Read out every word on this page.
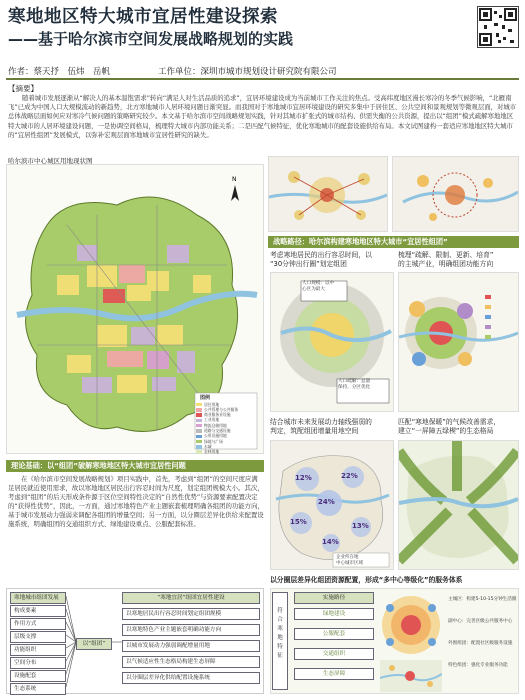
寒地地区特大城市宜居性建设探索
——基于哈尔滨市空间发展战略规划的实践
作者：蔡天抒　伍炜　岳帆	工作单位：深圳市城市规划设计研究院有限公司
【摘要】
随着城市发展逐渐从“解决人的基本温饱需求”转向“满足人对生活品质的追求”，宜居环境建设成为当前城市工作关注的焦点。受高纬度地区漫长寒冷的冬季气候影响，“北雁南飞”已成为中国人口大规模流动的新趋势，北方寒地城市人居环境问题日渐突显。而我国对于寒地城市宜居环境建设的研究多集中于居住区、公共空间和景观规划等微观层面，对城市总体战略层面如何应对寒冷气候问题的策略研究较少。本文基于哈尔滨市空间战略规划实践，针对其城市扩张式的城市结构、供需失衡的公共资源，提出以“组团”模式疏解寒地地区特大城市的人居环境建设问题，一是协调空间格局，梳理特大城市内部功能关系；二是匹配气候特征，优化寒地城市的配套设施供给布局。本文试图建构一套适应寒地地区特大城市的“宜居性组团”发展模式，以弥补宏观层面寒地城市宜居性研究的缺失。
哈尔滨市中心城区用地现状图
N
图例
居住用地
公共管理与公共服务
商业服务业设施
工业用地
物流仓储用地
道路与交通设施
公用设施用地
绿地与广场
水域
农林用地
战略路径：哈尔滨构建寒地地区特大城市“宜居性组团”
考虑寒地居民的出行容忍时间，以
“30分钟出行圈”划定组团
人口规模：以中
心区为最大
人口疏解：总量
保持，分区优化
梳理“疏解、限制、更新、培育”
的主城产业，明确组团功能方向
结合城市未来发展动力轴线强弱的
判定，筑配组团增量用地空间
12%	22%
15%
24%
13%
14%
企业所在地
中心城市区域
匹配“寒地保暖”的气候改善需求，
建立“一屏障五绿楔”的生态格局
理论基础：以“组团”破解寒地地区特大城市宜居性问题
在《哈尔滨市空间发展战略规划》项目实践中，首先，考虑到“组团”的空间尺度应满足居民就近使用需求，故以寒地地区居民出行容忍时间为尺度，划定组团规模大小。其次，考虑到“组团”的后天形成条件源于区位空间特性决定的“自然性优势”与资源要素配置决定的“获得性优势”，因此，一方面，通过寒地特色产业主题嵌套梳理明确各组团的功能方向，基于城市发展动力强弱来调配各组团的增量空间；另一方面，以分圈层差异化供给来配置设施系统，明确组团的交通组织方式、绿地建设重点、公服配套标准。
以分圈层差异化组团资源配置，形成“多中心等级化”的服务体系
寒地城市组团发展
构成要素
作用方式
层级支撑
功能组织
空间分布
设施配套
生态系统
以“组团”
“寒地宜居”组团宜居性建设
以寒地居民出行容忍时间划定组团规模
以寒地特色产业主题嵌套明确功能方向
以城市发展动力强弱调配增量用地
以气候适应性生态格局构建生态屏障
以分圈层差异化供给配置设施系统
符
合
寒
地
特
征
实施路径
绿地建设
公服配套
交通组织
生态屏障
主城区：构建5-10-15分钟生活圈
副中心：完善区级公共服务中心
外围组团：配置社区级服务设施
特色组团：强化专业服务功能
